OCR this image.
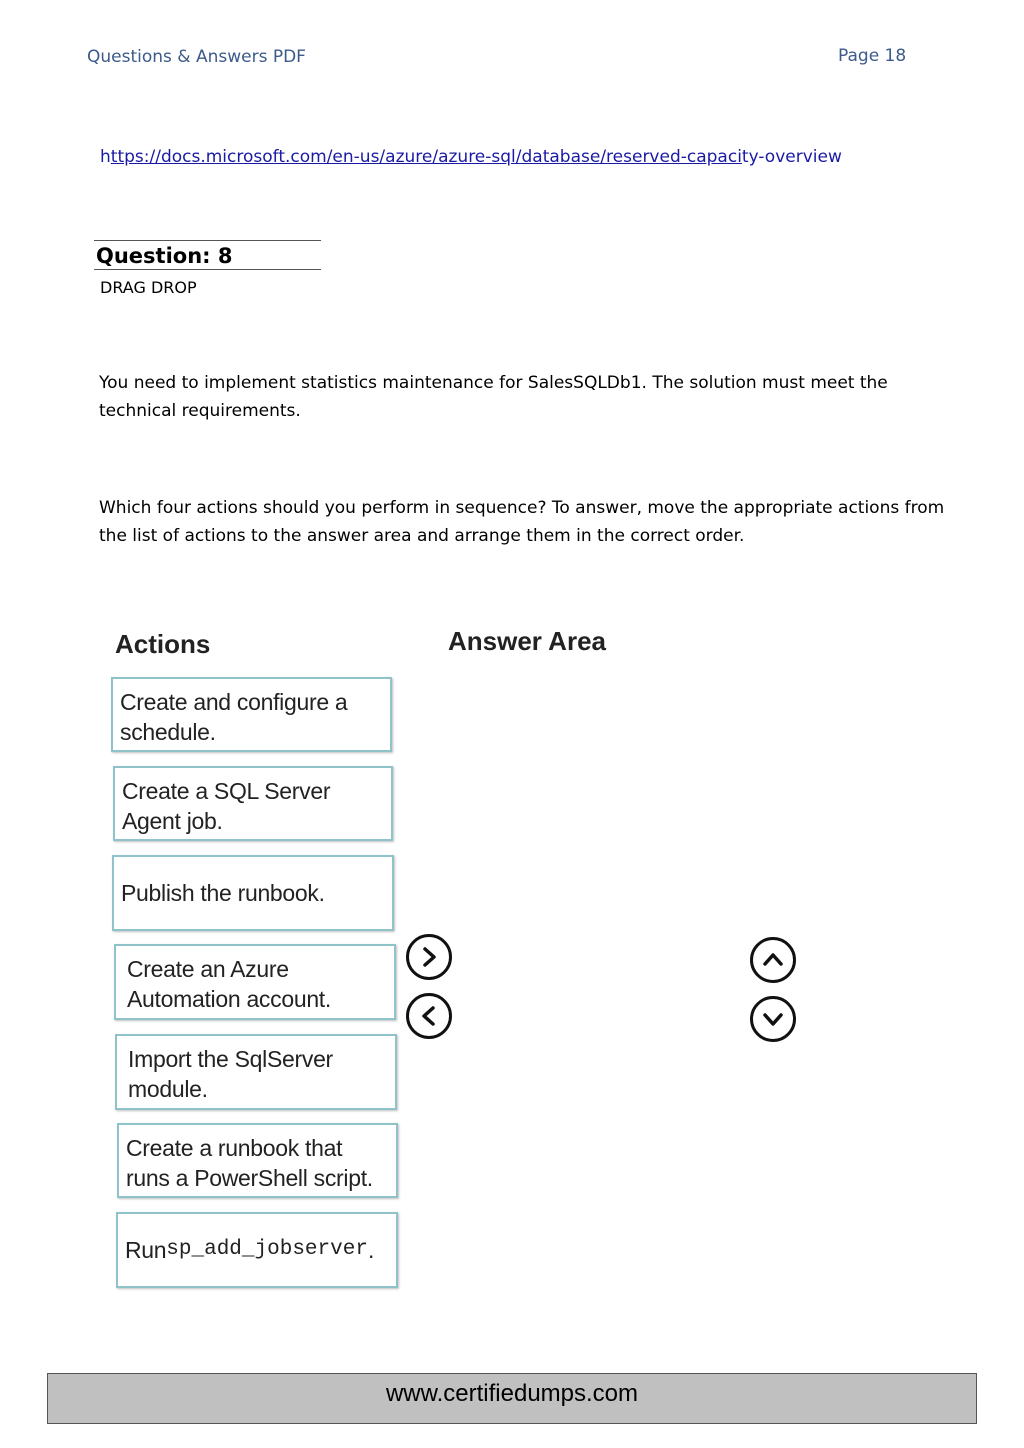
Questions & Answers PDF	Page 18
https://docs.microsoft.com/en-us/azure/azure-sql/database/reserved-capacity-overview
Question: 8
DRAG DROP
You need to implement statistics maintenance for SalesSQLDb1. The solution must meet the technical requirements.
Which four actions should you perform in sequence? To answer, move the appropriate actions from the list of actions to the answer area and arrange them in the correct order.
Actions	Answer Area
Create and configure a schedule.
Create a SQL Server Agent job.
Publish the runbook.
Create an Azure Automation account.
Import the SqlServer module.
Create a runbook that runs a PowerShell script.
Run sp_add_jobserver .
www.certifiedumps.com
